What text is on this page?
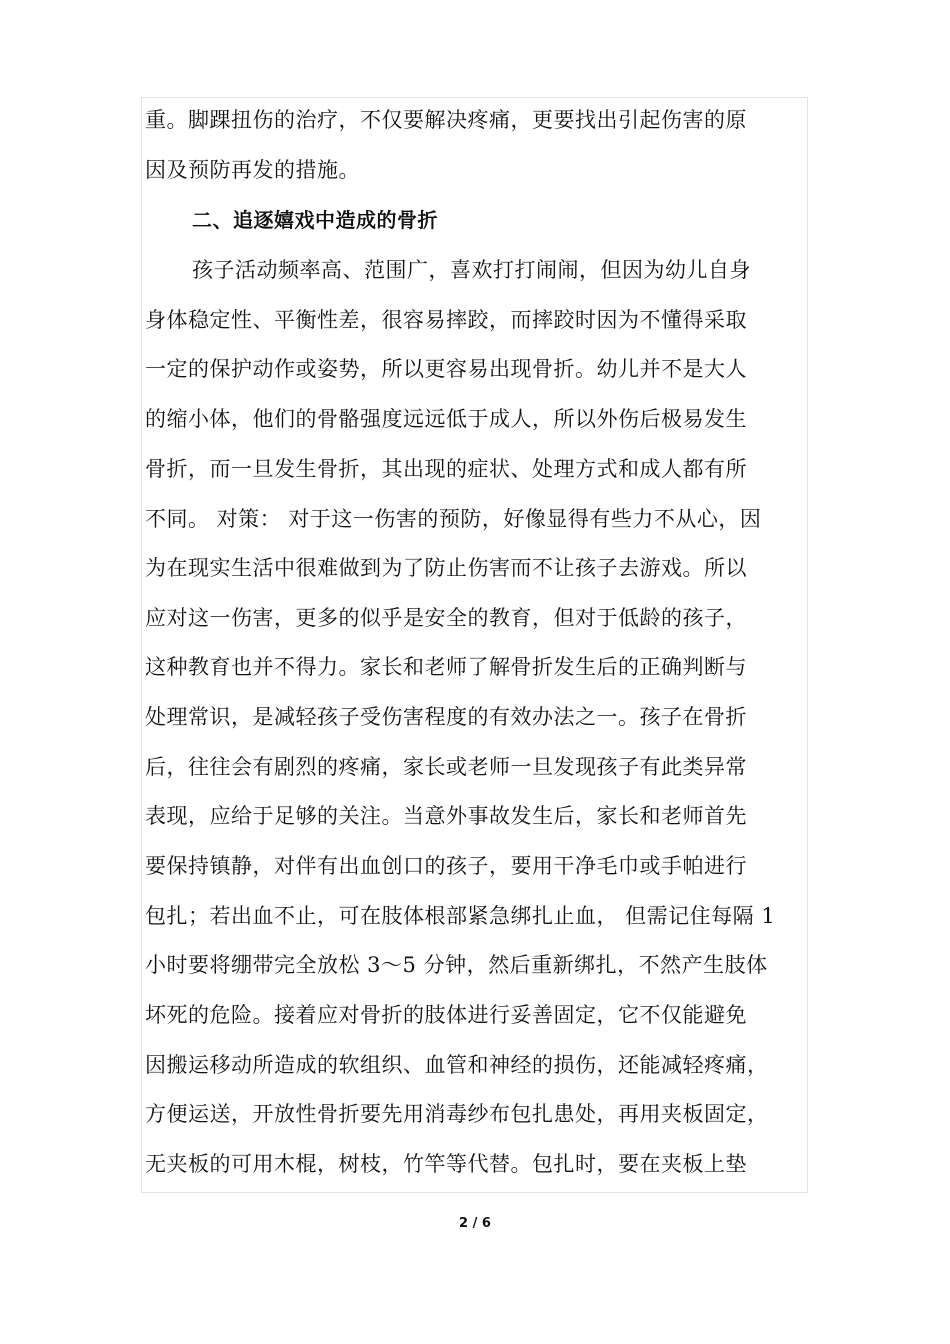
重。脚踝扭伤的治疗，不仅要解决疼痛，更要找出引起伤害的原
因及预防再发的措施。
二、追逐嬉戏中造成的骨折
孩子活动频率高、范围广，喜欢打打闹闹，但因为幼儿自身
身体稳定性、平衡性差，很容易摔跤，而摔跤时因为不懂得采取
一定的保护动作或姿势，所以更容易出现骨折。幼儿并不是大人
的缩小体，他们的骨骼强度远远低于成人，所以外伤后极易发生
骨折，而一旦发生骨折，其出现的症状、处理方式和成人都有所
不同。 对策： 对于这一伤害的预防，好像显得有些力不从心，因
为在现实生活中很难做到为了防止伤害而不让孩子去游戏。所以
应对这一伤害，更多的似乎是安全的教育，但对于低龄的孩子，
这种教育也并不得力。家长和老师了解骨折发生后的正确判断与
处理常识，是减轻孩子受伤害程度的有效办法之一。孩子在骨折
后，往往会有剧烈的疼痛，家长或老师一旦发现孩子有此类异常
表现，应给于足够的关注。当意外事故发生后，家长和老师首先
要保持镇静，对伴有出血创口的孩子，要用干净毛巾或手帕进行
包扎；若出血不止，可在肢体根部紧急绑扎止血， 但需记住每隔 1
小时要将绷带完全放松 3～5 分钟，然后重新绑扎，不然产生肢体
坏死的危险。接着应对骨折的肢体进行妥善固定，它不仅能避免
因搬运移动所造成的软组织、血管和神经的损伤，还能减轻疼痛，
方便运送，开放性骨折要先用消毒纱布包扎患处，再用夹板固定，
无夹板的可用木棍，树枝，竹竿等代替。包扎时，要在夹板上垫
2 / 6
